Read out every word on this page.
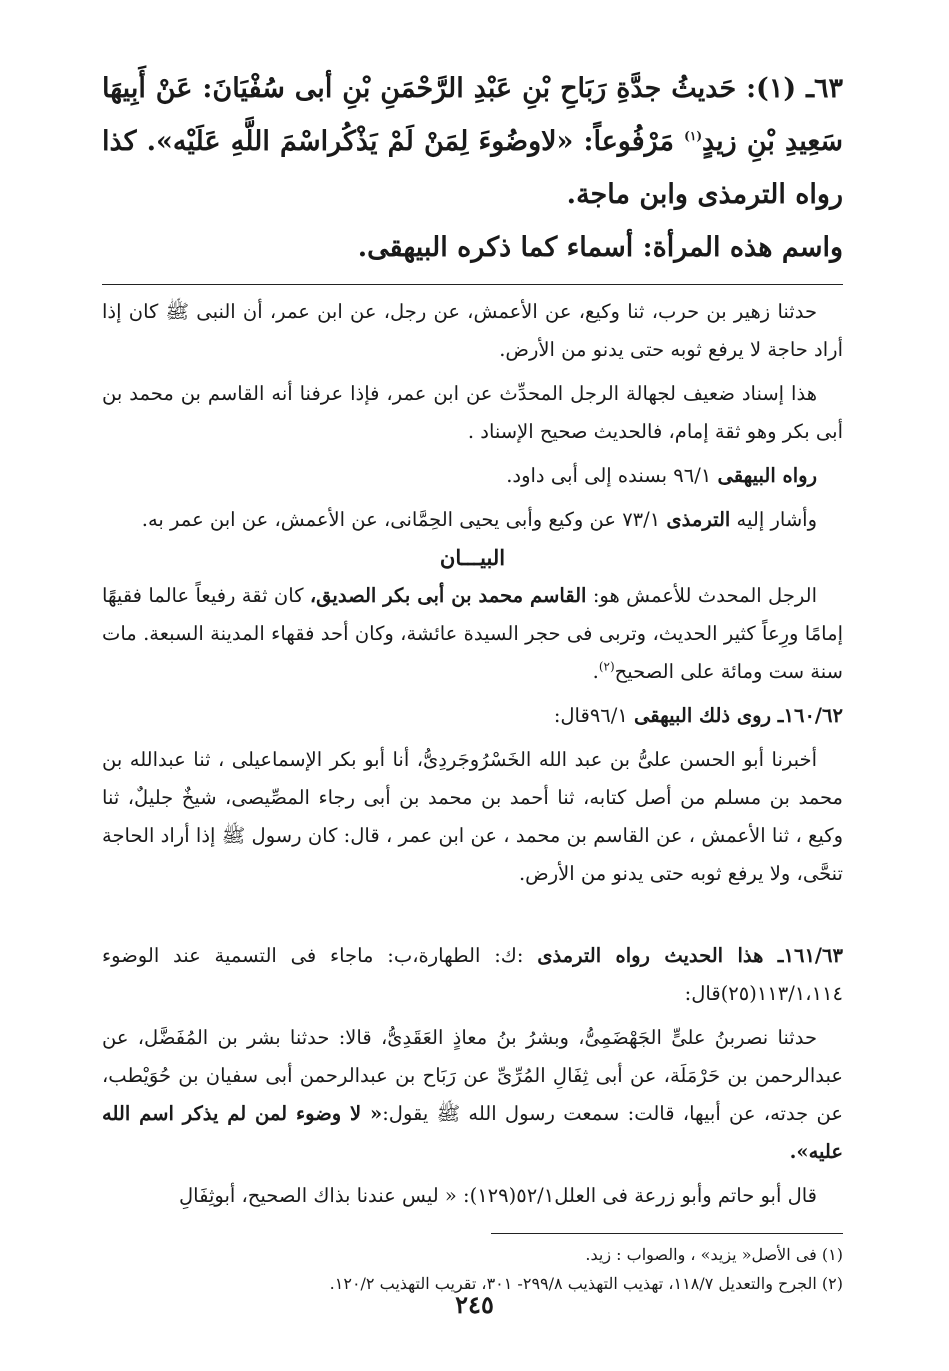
٦٣ـ (١): حَديثُ جدَّةِ رَبَاحِ بْنِ عَبْدِ الرَّحْمَنِ بْنِ أبى سُفْيَانَ: عَنْ أَبِيهَا سَعِيدِ بْنِ زيدٍ$^{(١)}$ مَرْفُوعاً: «لاوضُوءَ لِمَنْ لَمْ يَذْكُراسْمَ اللَّهِ عَلَيْه». كذا رواه الترمذى وابن ماجة.

واسم هذه المرأة: أسماء كما ذكره البيهقى.

حدثنا زهير بن حرب، ثنا وكيع، عن الأعمش، عن رجل، عن ابن عمر، أن النبى ﷺ كان إذا أراد حاجة لا يرفع ثوبه حتى يدنو من الأرض.

هذا إسناد ضعيف لجهالة الرجل المحدِّث عن ابن عمر، فإذا عرفنا أنه القاسم بن محمد بن أبى بكر وهو ثقة إمام، فالحديث صحيح الإسناد .

رواه البيهقى ٩٦/١ بسنده إلى أبى داود.

وأشار إليه الترمذى ٧٣/١ عن وكيع وأبى يحيى الحِمَّانى، عن الأعمش، عن ابن عمر به.

البيـــان

الرجل المحدث للأعمش هو: القاسم محمد بن أبى بكر الصديق، كان ثقة رفيعاً عالما فقيهًا إمامًا ورِعاً كثير الحديث، وتربى فى حجر السيدة عائشة، وكان أحد فقهاء المدينة السبعة. مات سنة ست ومائة على الصحيح$^{(٢)}$.

١٦٠/٦٢ـ روى ذلك البيهقى ٩٦/١قال:

أخبرنا أبو الحسن علىُّ بن عبد الله الخَسْرُوجَردِىُّ، أنا أبو بكر الإسماعيلى ، ثنا عبدالله بن محمد بن مسلم من أصل كتابه، ثنا أحمد بن محمد بن أبى رجاء المصِّيصى، شيخٌ جليلٌ، ثنا وكيع ، ثنا الأعمش ، عن القاسم بن محمد ، عن ابن عمر ، قال: كان رسول ﷺ إذا أراد الحاجة تنحَّى، ولا يرفع ثوبه حتى يدنو من الأرض.

١٦١/٦٣ـ هذا الحديث رواه الترمذى :ك: الطهارة،ب: ماجاء فى التسمية عند الوضوء ١١٣/١،١١٤(٢٥)قال:

حدثنا نصربنُ علىٍّ الجَهْضَمِىُّ، وبشرُ بنُ معاذٍ العَقَدِىُّ، قالا: حدثنا بشر بن المُفَضَّل، عن عبدالرحمن بن حَرْمَلَة، عن أبى ثِفَالِ المُرِّىِّ عن رَبَاح بن عبدالرحمن أبى سفيان بن حُوَيْطب، عن جدته، عن أبيها، قالت: سمعت رسول الله ﷺ يقول:« لا وضوء لمن لم يذكر اسم الله عليه».

قال أبو حاتم وأبو زرعة فى العلل٥٢/١(١٢٩): « ليس عندنا بذاك الصحيح، أبوثِفَالِ

(١) فى الأصل« يزيد» ، والصواب : زيد.

(٢) الجرح والتعديل ١١٨/٧، تهذيب التهذيب ٢٩٩/٨- ٣٠١، تقريب التهذيب ١٢٠/٢.

٢٤٥
